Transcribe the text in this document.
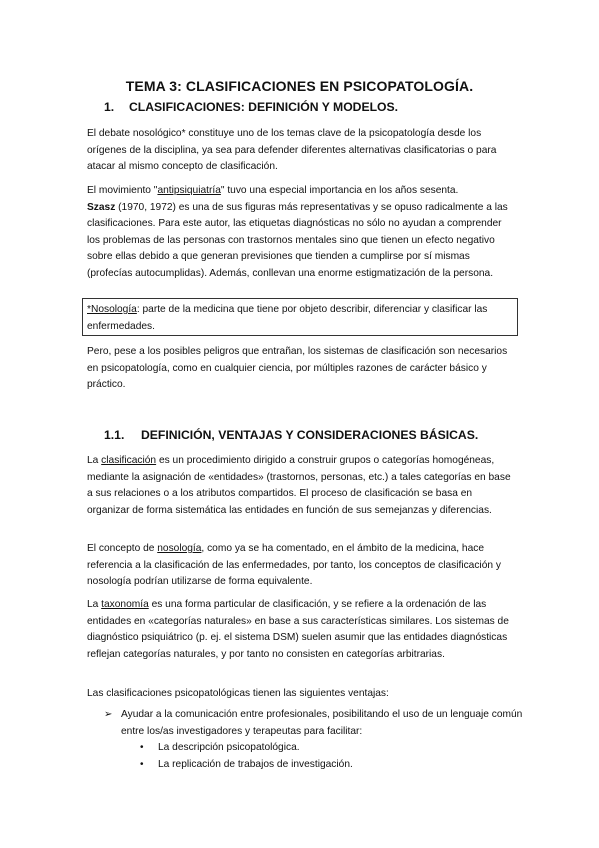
TEMA 3: CLASIFICACIONES EN PSICOPATOLOGÍA.
1. CLASIFICACIONES: DEFINICIÓN Y MODELOS.
El debate nosológico* constituye uno de los temas clave de la psicopatología desde los orígenes de la disciplina, ya sea para defender diferentes alternativas clasificatorias o para atacar al mismo concepto de clasificación.
El movimiento "antipsiquiatría" tuvo una especial importancia en los años sesenta.
Szasz (1970, 1972) es una de sus figuras más representativas y se opuso radicalmente a las clasificaciones. Para este autor, las etiquetas diagnósticas no sólo no ayudan a comprender los problemas de las personas con trastornos mentales sino que tienen un efecto negativo sobre ellas debido a que generan previsiones que tienden a cumplirse por sí mismas (profecías autocumplidas). Además, conllevan una enorme estigmatización de la persona.
*Nosología: parte de la medicina que tiene por objeto describir, diferenciar y clasificar las enfermedades.
Pero, pese a los posibles peligros que entrañan, los sistemas de clasificación son necesarios en psicopatología, como en cualquier ciencia, por múltiples razones de carácter básico y práctico.
1.1. DEFINICIÓN, VENTAJAS Y CONSIDERACIONES BÁSICAS.
La clasificación es un procedimiento dirigido a construir grupos o categorías homogéneas, mediante la asignación de «entidades» (trastornos, personas, etc.) a tales categorías en base a sus relaciones o a los atributos compartidos. El proceso de clasificación se basa en organizar de forma sistemática las entidades en función de sus semejanzas y diferencias.
El concepto de nosología, como ya se ha comentado, en el ámbito de la medicina, hace referencia a la clasificación de las enfermedades, por tanto, los conceptos de clasificación y nosología podrían utilizarse de forma equivalente.
La taxonomía es una forma particular de clasificación, y se refiere a la ordenación de las entidades en «categorías naturales» en base a sus características similares. Los sistemas de diagnóstico psiquiátrico (p. ej. el sistema DSM) suelen asumir que las entidades diagnósticas reflejan categorías naturales, y por tanto no consisten en categorías arbitrarias.
Las clasificaciones psicopatológicas tienen las siguientes ventajas:
➢ Ayudar a la comunicación entre profesionales, posibilitando el uso de un lenguaje común entre los/as investigadores y terapeutas para facilitar:
• La descripción psicopatológica.
• La replicación de trabajos de investigación.
